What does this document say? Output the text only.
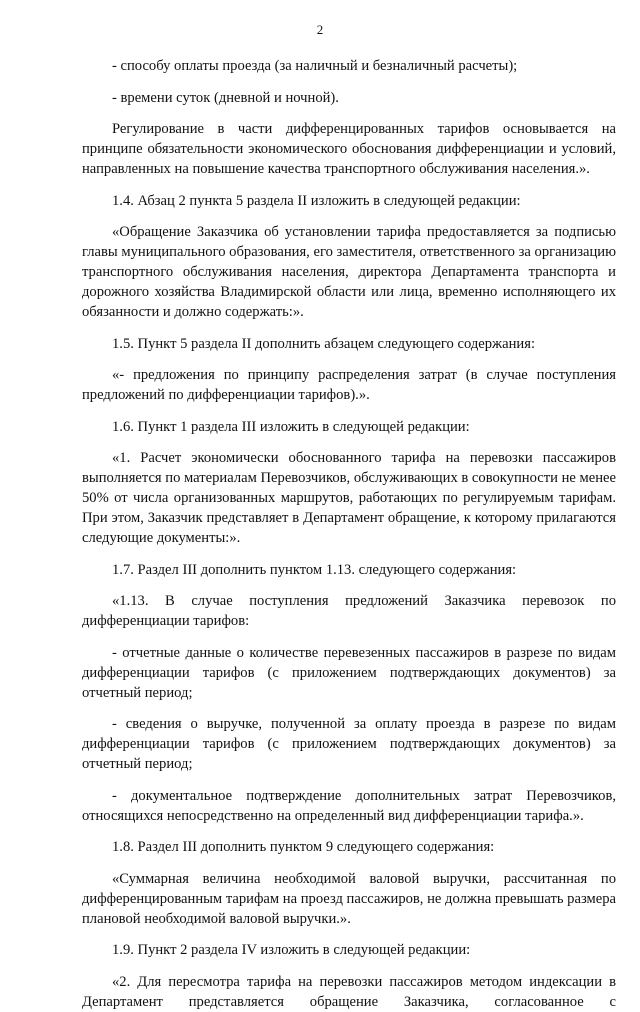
2

- способу оплаты проезда (за наличный и безналичный расчеты);

- времени суток (дневной и ночной).

Регулирование в части дифференцированных тарифов основывается на принципе обязательности экономического обоснования дифференциации и условий, направленных на повышение качества транспортного обслуживания населения.».

1.4. Абзац 2 пункта 5 раздела II изложить в следующей редакции:

«Обращение Заказчика об установлении тарифа предоставляется за подписью главы муниципального образования, его заместителя, ответственного за организацию транспортного обслуживания населения, директора Департамента транспорта и дорожного хозяйства Владимирской области или лица, временно исполняющего их обязанности и должно содержать:».

1.5. Пункт 5 раздела II дополнить абзацем следующего содержания:

«- предложения по принципу распределения затрат (в случае поступления предложений по дифференциации тарифов).».

1.6. Пункт 1 раздела III изложить в следующей редакции:

«1. Расчет экономически обоснованного тарифа на перевозки пассажиров выполняется по материалам Перевозчиков, обслуживающих в совокупности не менее 50% от числа организованных маршрутов, работающих по регулируемым тарифам. При этом, Заказчик представляет в Департамент обращение, к которому прилагаются следующие документы:».

1.7. Раздел III дополнить пунктом 1.13. следующего содержания:

«1.13. В случае поступления предложений Заказчика перевозок по дифференциации тарифов:

- отчетные данные о количестве перевезенных пассажиров в разрезе по видам дифференциации тарифов (с приложением подтверждающих документов) за отчетный период;

- сведения о выручке, полученной за оплату проезда в разрезе по видам дифференциации тарифов (с приложением подтверждающих документов) за отчетный период;

- документальное подтверждение дополнительных затрат Перевозчиков, относящихся непосредственно на определенный вид дифференциации тарифа.».

1.8. Раздел III дополнить пунктом 9 следующего содержания:

«Суммарная величина необходимой валовой выручки, рассчитанная по дифференцированным тарифам на проезд пассажиров, не должна превышать размера плановой необходимой валовой выручки.».

1.9. Пункт 2 раздела IV изложить в следующей редакции:

«2. Для пересмотра тарифа на перевозки пассажиров методом индексации в Департамент представляется обращение Заказчика, согласованное с
